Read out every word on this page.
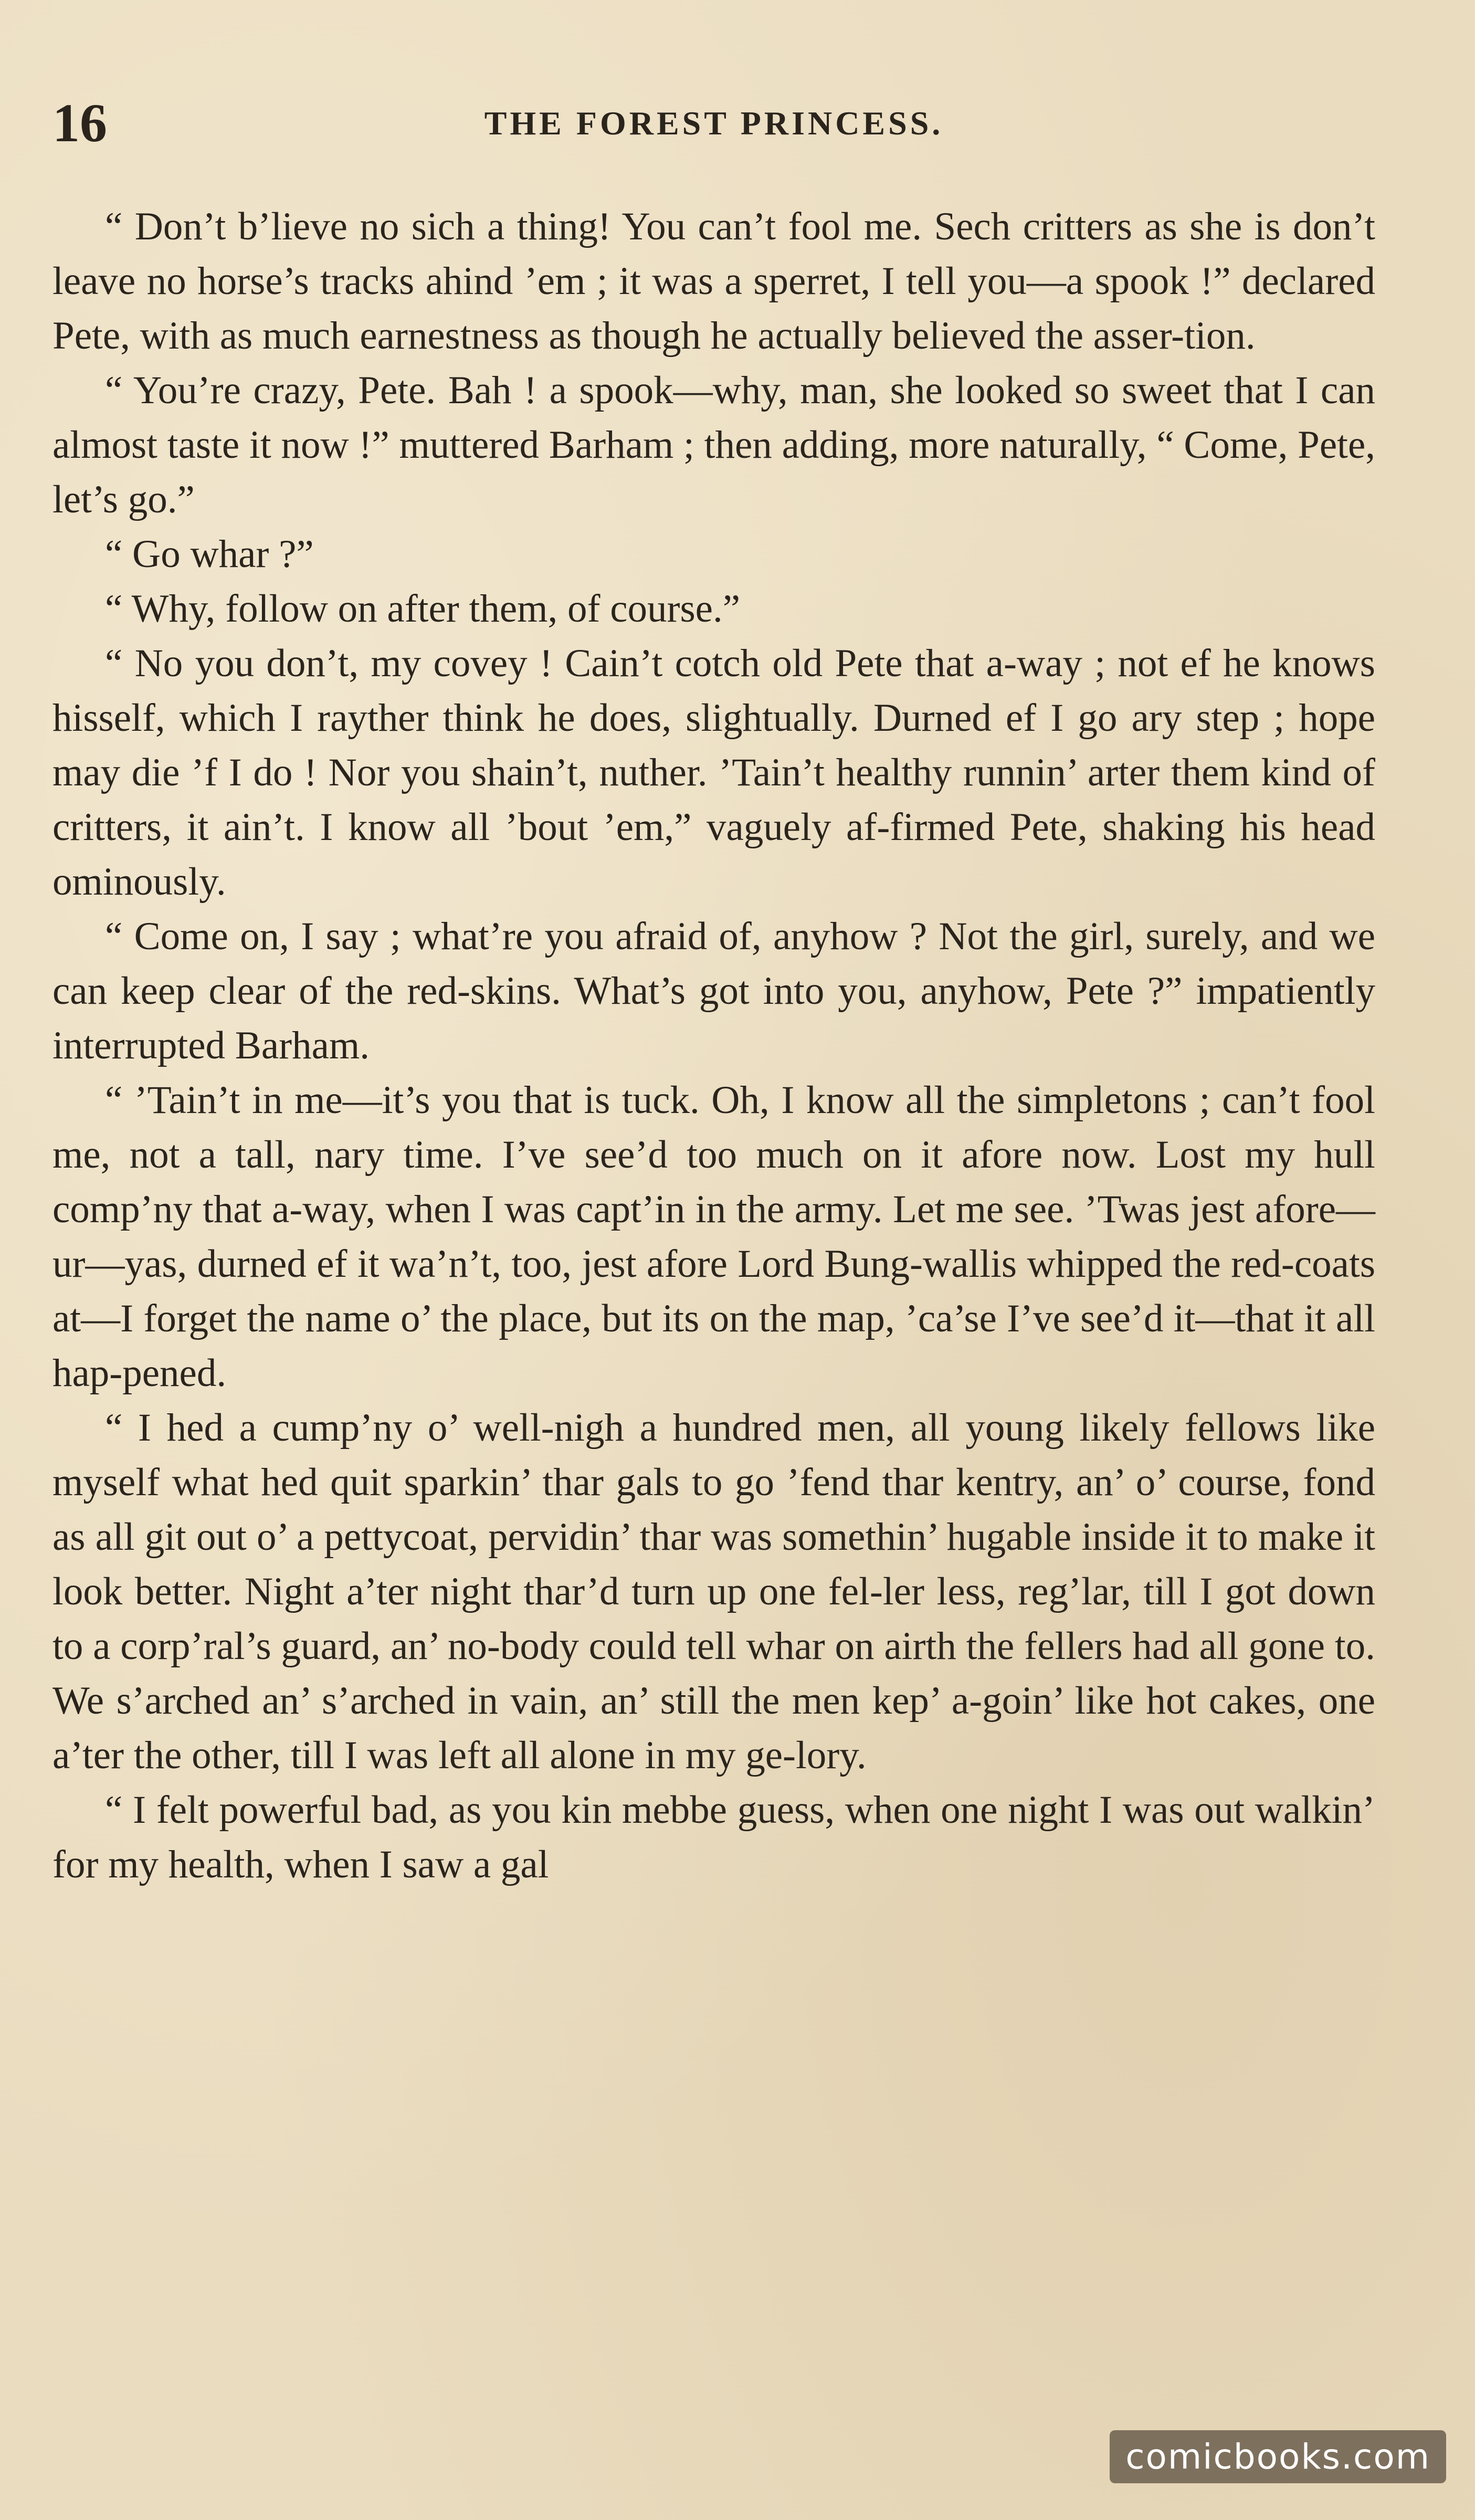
16	THE FOREST PRINCESS.

“ Don’t b’lieve no sich a thing! You can’t fool me. Sech critters as she is don’t leave no horse’s tracks ahind ’em ; it was a sperret, I tell you—a spook !” declared Pete, with as much earnestness as though he actually believed the asser-tion.

“ You’re crazy, Pete. Bah ! a spook—why, man, she looked so sweet that I can almost taste it now !” muttered Barham ; then adding, more naturally, “ Come, Pete, let’s go.”

“ Go whar ?”

“ Why, follow on after them, of course.”

“ No you don’t, my covey ! Cain’t cotch old Pete that a-way ; not ef he knows hisself, which I rayther think he does, slightually. Durned ef I go ary step ; hope may die ’f I do ! Nor you shain’t, nuther. ’Tain’t healthy runnin’ arter them kind of critters, it ain’t. I know all ’bout ’em,” vaguely af-firmed Pete, shaking his head ominously.

“ Come on, I say ; what’re you afraid of, anyhow ? Not the girl, surely, and we can keep clear of the red-skins. What’s got into you, anyhow, Pete ?” impatiently interrupted Barham.

“ ’Tain’t in me—it’s you that is tuck. Oh, I know all the simpletons ; can’t fool me, not a tall, nary time. I’ve see’d too much on it afore now. Lost my hull comp’ny that a-way, when I was capt’in in the army. Let me see. ’Twas jest afore—ur—yas, durned ef it wa’n’t, too, jest afore Lord Bung-wallis whipped the red-coats at—I forget the name o’ the place, but its on the map, ’ca’se I’ve see’d it—that it all hap-pened.

“ I hed a cump’ny o’ well-nigh a hundred men, all young likely fellows like myself what hed quit sparkin’ thar gals to go ’fend thar kentry, an’ o’ course, fond as all git out o’ a pettycoat, pervidin’ thar was somethin’ hugable inside it to make it look better. Night a’ter night thar’d turn up one fel-ler less, reg’lar, till I got down to a corp’ral’s guard, an’ no-body could tell whar on airth the fellers had all gone to. We s’arched an’ s’arched in vain, an’ still the men kep’ a-goin’ like hot cakes, one a’ter the other, till I was left all alone in my ge-lory.

“ I felt powerful bad, as you kin mebbe guess, when one night I was out walkin’ for my health, when I saw a gal

comicbooks.com
